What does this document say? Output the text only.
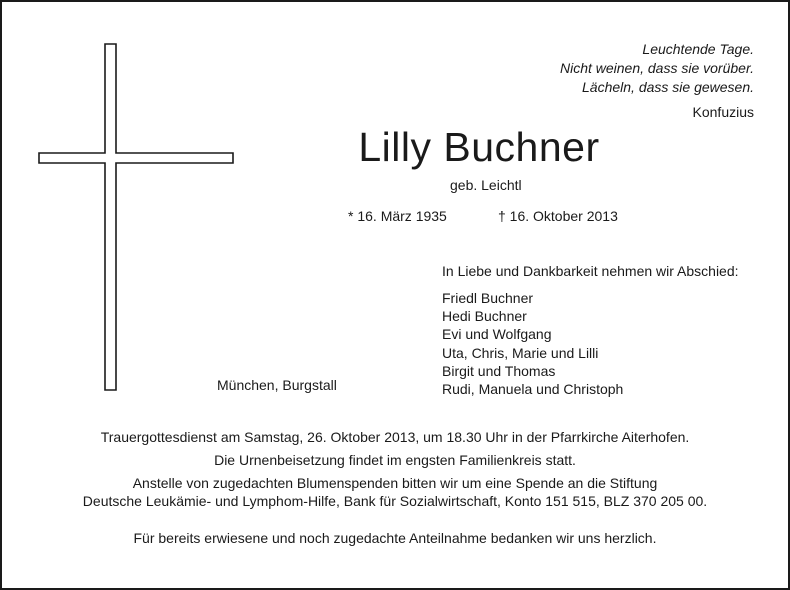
Leuchtende Tage.
Nicht weinen, dass sie vorüber.
Lächeln, dass sie gewesen.
Konfuzius
Lilly Buchner
geb. Leichtl
* 16. März 1935	† 16. Oktober 2013
In Liebe und Dankbarkeit nehmen wir Abschied:
Friedl Buchner
Hedi Buchner
Evi und Wolfgang
Uta, Chris, Marie und Lilli
Birgit und Thomas
Rudi, Manuela und Christoph
München, Burgstall
Trauergottesdienst am Samstag, 26. Oktober 2013, um 18.30 Uhr in der Pfarrkirche Aiterhofen.
Die Urnenbeisetzung findet im engsten Familienkreis statt.
Anstelle von zugedachten Blumenspenden bitten wir um eine Spende an die Stiftung
Deutsche Leukämie- und Lymphom-Hilfe, Bank für Sozialwirtschaft, Konto 151 515, BLZ 370 205 00.
Für bereits erwiesene und noch zugedachte Anteilnahme bedanken wir uns herzlich.
